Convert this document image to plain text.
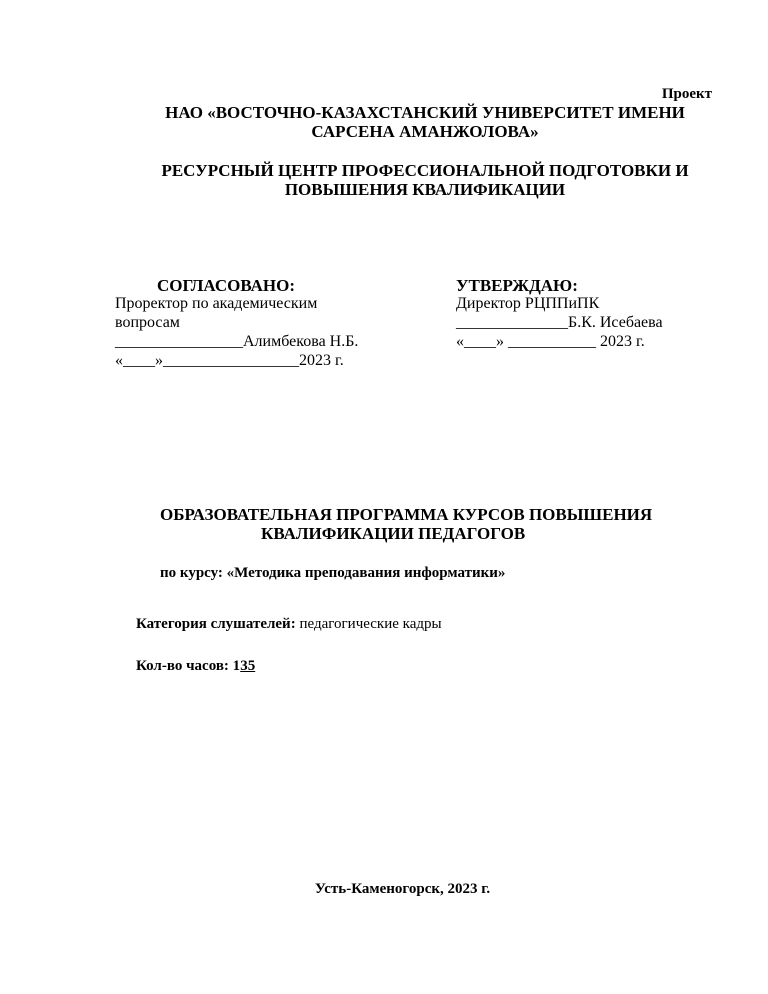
Проект
НАО «ВОСТОЧНО-КАЗАХСТАНСКИЙ УНИВЕРСИТЕТ ИМЕНИ
САРСЕНА АМАНЖОЛОВА»
РЕСУРСНЫЙ ЦЕНТР ПРОФЕССИОНАЛЬНОЙ ПОДГОТОВКИ И
ПОВЫШЕНИЯ КВАЛИФИКАЦИИ
СОГЛАСОВАНО:
Проректор по академическим
вопросам
________________Алимбекова Н.Б.
«____»_________________2023 г.
УТВЕРЖДАЮ:
Директор РЦППиПК
______________Б.К. Исебаева
«____» ___________ 2023 г.
ОБРАЗОВАТЕЛЬНАЯ ПРОГРАММА КУРСОВ ПОВЫШЕНИЯ
КВАЛИФИКАЦИИ ПЕДАГОГОВ
по курсу: «Методика преподавания информатики»
Категория слушателей: педагогические кадры
Кол-во часов: 135
Усть-Каменогорск, 2023 г.
